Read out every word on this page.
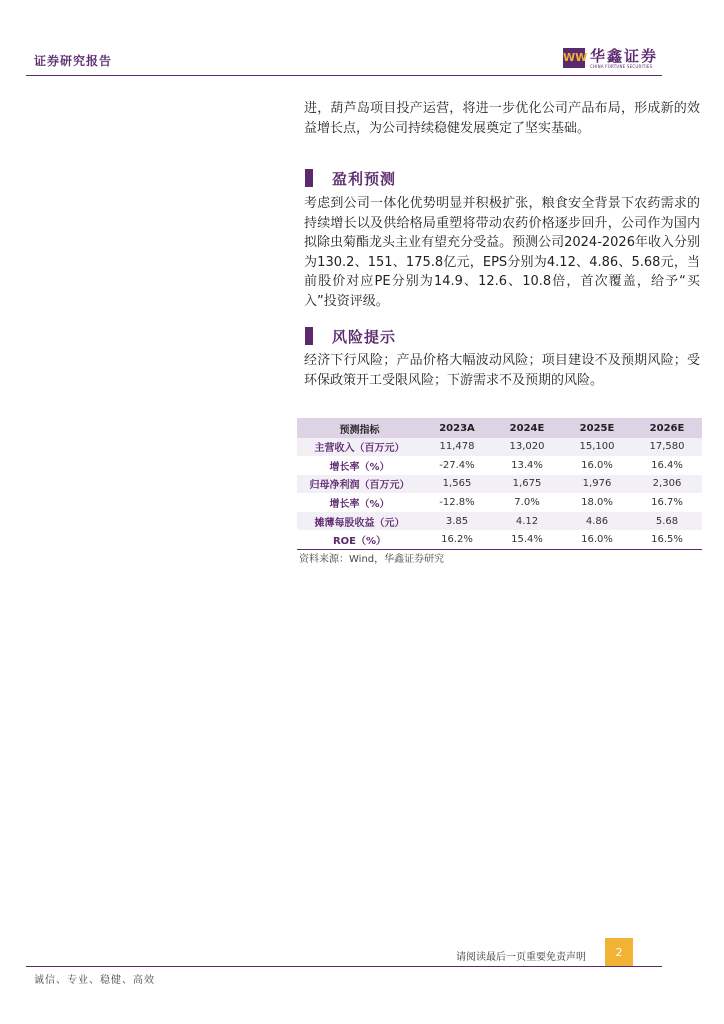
证券研究报告	WW 华鑫证券
CHINA FORTUNE SECURITIES
进，葫芦岛项目投产运营，将进一步优化公司产品布局，形成新的效益增长点，为公司持续稳健发展奠定了坚实基础。
盈利预测
考虑到公司一体化优势明显并积极扩张，粮食安全背景下农药需求的持续增长以及供给格局重塑将带动农药价格逐步回升，公司作为国内拟除虫菊酯龙头主业有望充分受益。预测公司2024-2026年收入分别为130.2、151、175.8亿元，EPS分别为4.12、4.86、5.68元，当前股价对应PE分别为14.9、12.6、10.8倍，首次覆盖，给予“买入”投资评级。
风险提示
经济下行风险；产品价格大幅波动风险；项目建设不及预期风险；受环保政策开工受限风险；下游需求不及预期的风险。
预测指标	2023A	2024E	2025E	2026E
主营收入（百万元）	11,478	13,020	15,100	17,580
增长率（%）	-27.4%	13.4%	16.0%	16.4%
归母净利润（百万元）	1,565	1,675	1,976	2,306
增长率（%）	-12.8%	7.0%	18.0%	16.7%
摊薄每股收益（元）	3.85	4.12	4.86	5.68
ROE（%）	16.2%	15.4%	16.0%	16.5%
资料来源：Wind，华鑫证券研究
请阅读最后一页重要免责声明	2
诚信、专业、稳健、高效
